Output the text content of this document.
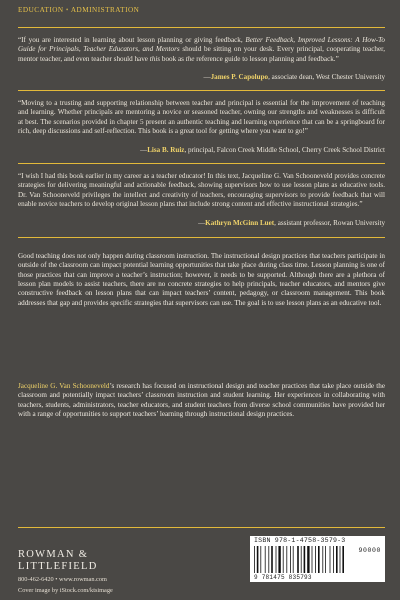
EDUCATION • ADMINISTRATION
“If you are interested in learning about lesson planning or giving feedback, Better Feedback, Improved Lessons: A How-To Guide for Principals, Teacher Educators, and Mentors should be sitting on your desk. Every principal, cooperating teacher, mentor teacher, and even teacher should have this book as the reference guide to lesson planning and feedback.”
—James P. Capolupo, associate dean, West Chester University
“Moving to a trusting and supporting relationship between teacher and principal is essential for the improvement of teaching and learning. Whether principals are mentoring a novice or seasoned teacher, owning our strengths and weaknesses is difficult at best. The scenarios provided in chapter 5 present an authentic teaching and learning experience that can be a springboard for rich, deep discussions and self-reflection. This book is a great tool for getting where you want to go!”
—Lisa B. Ruiz, principal, Falcon Creek Middle School, Cherry Creek School District
“I wish I had this book earlier in my career as a teacher educator! In this text, Jacqueline G. Van Schooneveld provides concrete strategies for delivering meaningful and actionable feedback, showing supervisors how to use lesson plans as educative tools. Dr. Van Schooneveld privileges the intellect and creativity of teachers, encouraging supervisors to provide feedback that will enable novice teachers to develop original lesson plans that include strong content and effective instructional strategies.”
—Kathryn McGinn Luet, assistant professor, Rowan University
Good teaching does not only happen during classroom instruction. The instructional design practices that teachers participate in outside of the classroom can impact potential learning opportunities that take place during class time. Lesson planning is one of those practices that can improve a teacher’s instruction; however, it needs to be supported. Although there are a plethora of lesson plan models to assist teachers, there are no concrete strategies to help principals, teacher educators, and mentors give constructive feedback on lesson plans that can impact teachers’ content, pedagogy, or classroom management. This book addresses that gap and provides specific strategies that supervisors can use. The goal is to use lesson plans as an educative tool.
Jacqueline G. Van Schooneveld’s research has focused on instructional design and teacher practices that take place outside the classroom and potentially impact teachers’ classroom instruction and student learning. Her experiences in collaborating with teachers, students, administrators, teacher educators, and student teachers from diverse school communities have provided her with a range of opportunities to support teachers’ learning through instructional design practices.
ROWMAN &
LITTLEFIELD
800-462-6420 • www.rowman.com
Cover image by iStock.com/ktsimage
ISBN 978-1-4758-3579-3
90000
9 781475 835793
